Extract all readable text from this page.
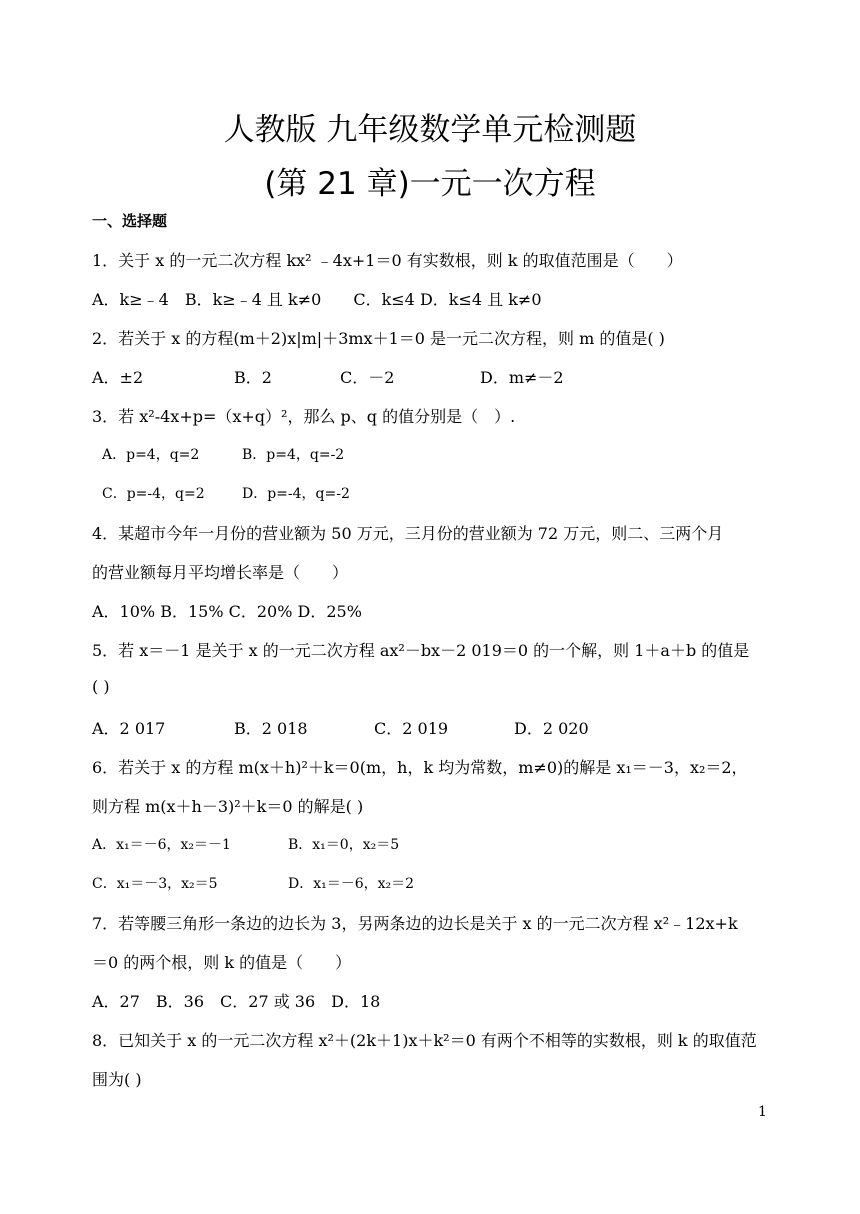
人教版 九年级数学单元检测题
(第 21 章)一元一次方程
一、选择题
1．关于 x 的一元二次方程 kx² ﹣4x+1＝0 有实数根，则 k 的取值范围是（　　）
A．k≥﹣4　B．k≥﹣4 且 k≠0　　C．k≤4 D．k≤4 且 k≠0
2．若关于 x 的方程(m＋2)x|m|＋3mx＋1＝0 是一元二次方程，则 m 的值是( )
A．±2	B．2	C．－2	D．m≠－2
3．若 x²-4x+p=（x+q）²，那么 p、q 的值分别是（　）.
A．p=4，q=2	B．p=4，q=-2
C．p=-4，q=2	D．p=-4，q=-2
4．某超市今年一月份的营业额为 50 万元，三月份的营业额为 72 万元，则二、三两个月
的营业额每月平均增长率是（　　）
A．10% B．15% C．20% D．25%
5．若 x＝－1 是关于 x 的一元二次方程 ax²－bx－2 019＝0 的一个解，则 1＋a＋b 的值是
( )
A．2 017	B．2 018	C．2 019	D．2 020
6．若关于 x 的方程 m(x＋h)²＋k＝0(m，h，k 均为常数，m≠0)的解是 x₁＝－3，x₂＝2，
则方程 m(x＋h－3)²＋k＝0 的解是( )
A．x₁＝－6，x₂＝－1	B．x₁＝0，x₂＝5
C．x₁＝－3，x₂＝5	D．x₁＝－6，x₂＝2
7．若等腰三角形一条边的边长为 3，另两条边的边长是关于 x 的一元二次方程 x²﹣12x+k
＝0 的两个根，则 k 的值是（　　）
A．27　B．36　C．27 或 36　D．18
8．已知关于 x 的一元二次方程 x²＋(2k＋1)x＋k²＝0 有两个不相等的实数根，则 k 的取值范
围为( )
1
